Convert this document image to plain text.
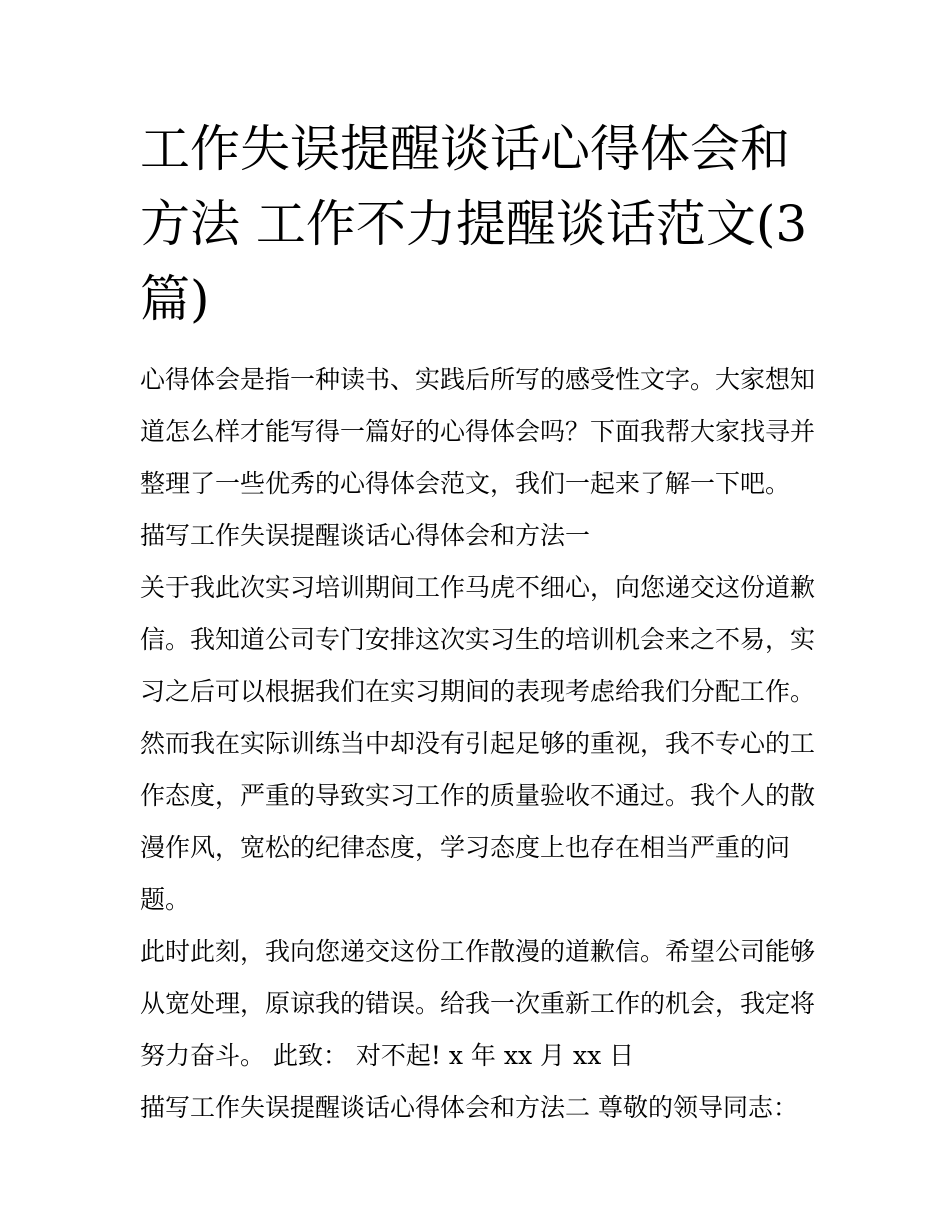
工作失误提醒谈话心得体会和
方法 工作不力提醒谈话范文(3
篇)
心得体会是指一种读书、实践后所写的感受性文字。大家想知
道怎么样才能写得一篇好的心得体会吗？下面我帮大家找寻并
整理了一些优秀的心得体会范文，我们一起来了解一下吧。
描写工作失误提醒谈话心得体会和方法一
关于我此次实习培训期间工作马虎不细心，向您递交这份道歉
信。我知道公司专门安排这次实习生的培训机会来之不易，实
习之后可以根据我们在实习期间的表现考虑给我们分配工作。
然而我在实际训练当中却没有引起足够的重视，我不专心的工
作态度，严重的导致实习工作的质量验收不通过。我个人的散
漫作风，宽松的纪律态度，学习态度上也存在相当严重的问
题。
此时此刻，我向您递交这份工作散漫的道歉信。希望公司能够
从宽处理，原谅我的错误。给我一次重新工作的机会，我定将
努力奋斗。 此致： 对不起! x 年 xx 月 xx 日
描写工作失误提醒谈话心得体会和方法二 尊敬的领导同志：
